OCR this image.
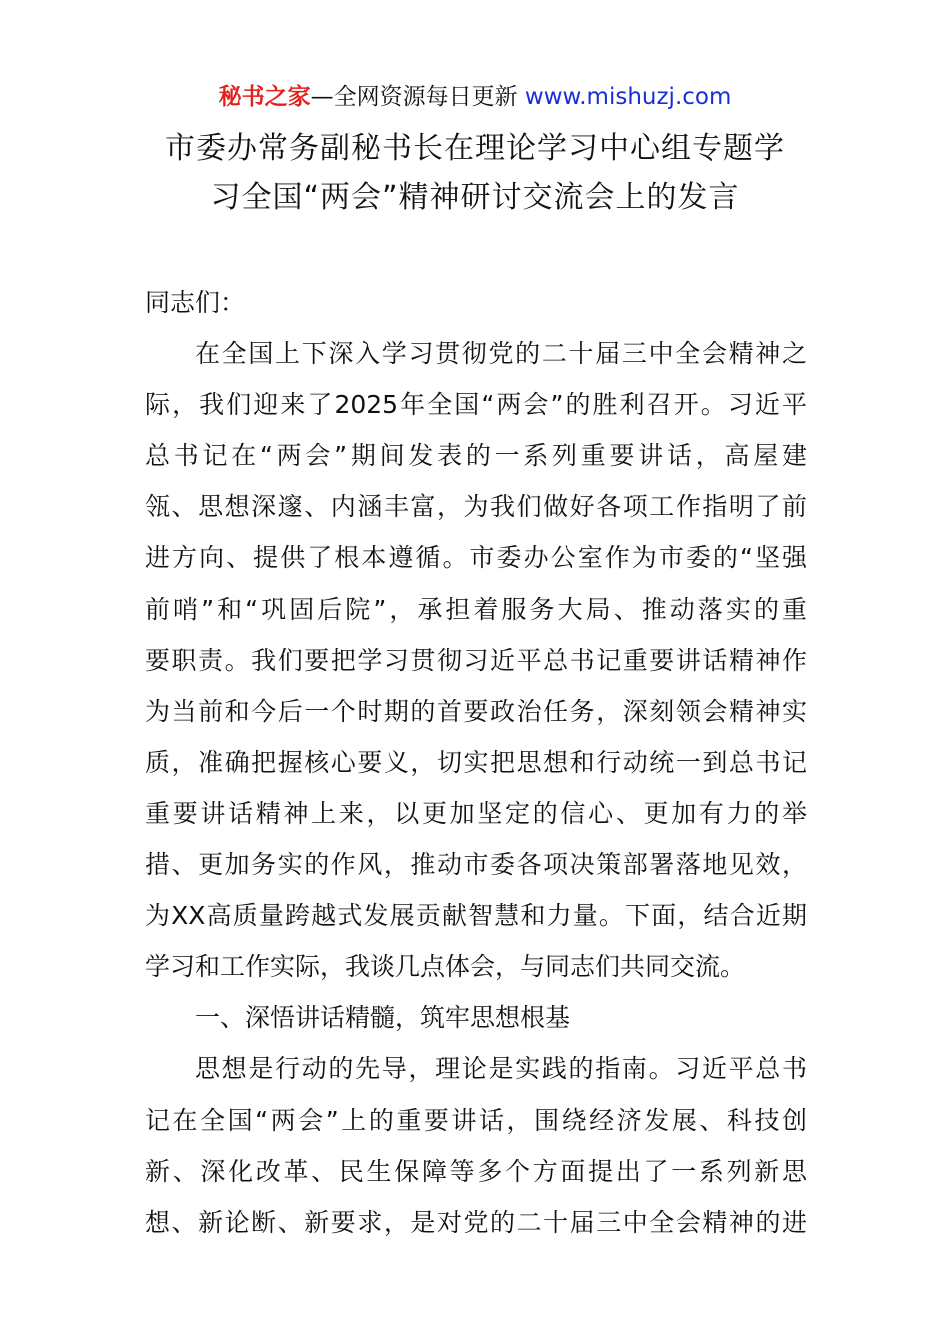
秘书之家—全网资源每日更新 www.mishuzj.com
市委办常务副秘书长在理论学习中心组专题学
习全国“两会”精神研讨交流会上的发言
同志们：
在全国上下深入学习贯彻党的二十届三中全会精神之
际，我们迎来了2025年全国“两会”的胜利召开。习近平
总书记在“两会”期间发表的一系列重要讲话，高屋建
瓴、思想深邃、内涵丰富，为我们做好各项工作指明了前
进方向、提供了根本遵循。市委办公室作为市委的“坚强
前哨”和“巩固后院”，承担着服务大局、推动落实的重
要职责。我们要把学习贯彻习近平总书记重要讲话精神作
为当前和今后一个时期的首要政治任务，深刻领会精神实
质，准确把握核心要义，切实把思想和行动统一到总书记
重要讲话精神上来，以更加坚定的信心、更加有力的举
措、更加务实的作风，推动市委各项决策部署落地见效，
为XX高质量跨越式发展贡献智慧和力量。下面，结合近期
学习和工作实际，我谈几点体会，与同志们共同交流。
一、深悟讲话精髓，筑牢思想根基
思想是行动的先导，理论是实践的指南。习近平总书
记在全国“两会”上的重要讲话，围绕经济发展、科技创
新、深化改革、民生保障等多个方面提出了一系列新思
想、新论断、新要求，是对党的二十届三中全会精神的进
